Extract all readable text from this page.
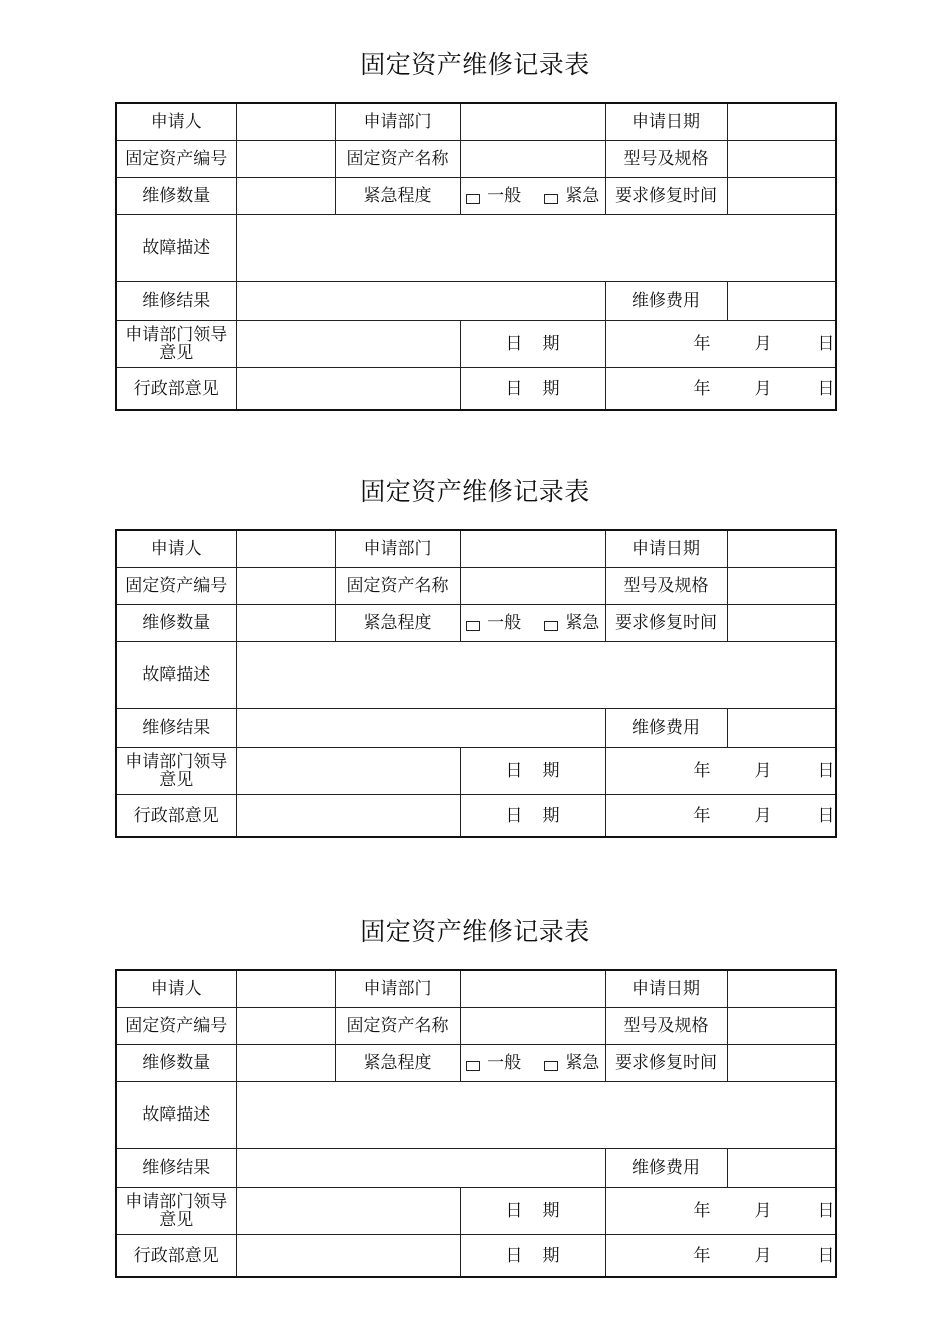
固定资产维修记录表
申请人		申请部门		申请日期	
固定资产编号		固定资产名称		型号及规格	
维修数量		紧急程度	一般 紧急	要求修复时间	
故障描述					
维修结果				维修费用	
申请部门领导意见			日 期	年 月 日	

行政部意见			日 期	年 月 日	
固定资产维修记录表
申请人		申请部门		申请日期	
固定资产编号		固定资产名称		型号及规格	
维修数量		紧急程度	一般 紧急	要求修复时间	
故障描述					
维修结果				维修费用	
申请部门领导意见			日 期	年 月 日	

行政部意见			日 期	年 月 日	
固定资产维修记录表
申请人		申请部门		申请日期	
固定资产编号		固定资产名称		型号及规格	
维修数量		紧急程度	一般 紧急	要求修复时间	
故障描述					
维修结果				维修费用	
申请部门领导意见			日 期	年 月 日	

行政部意见			日 期	年 月 日	
